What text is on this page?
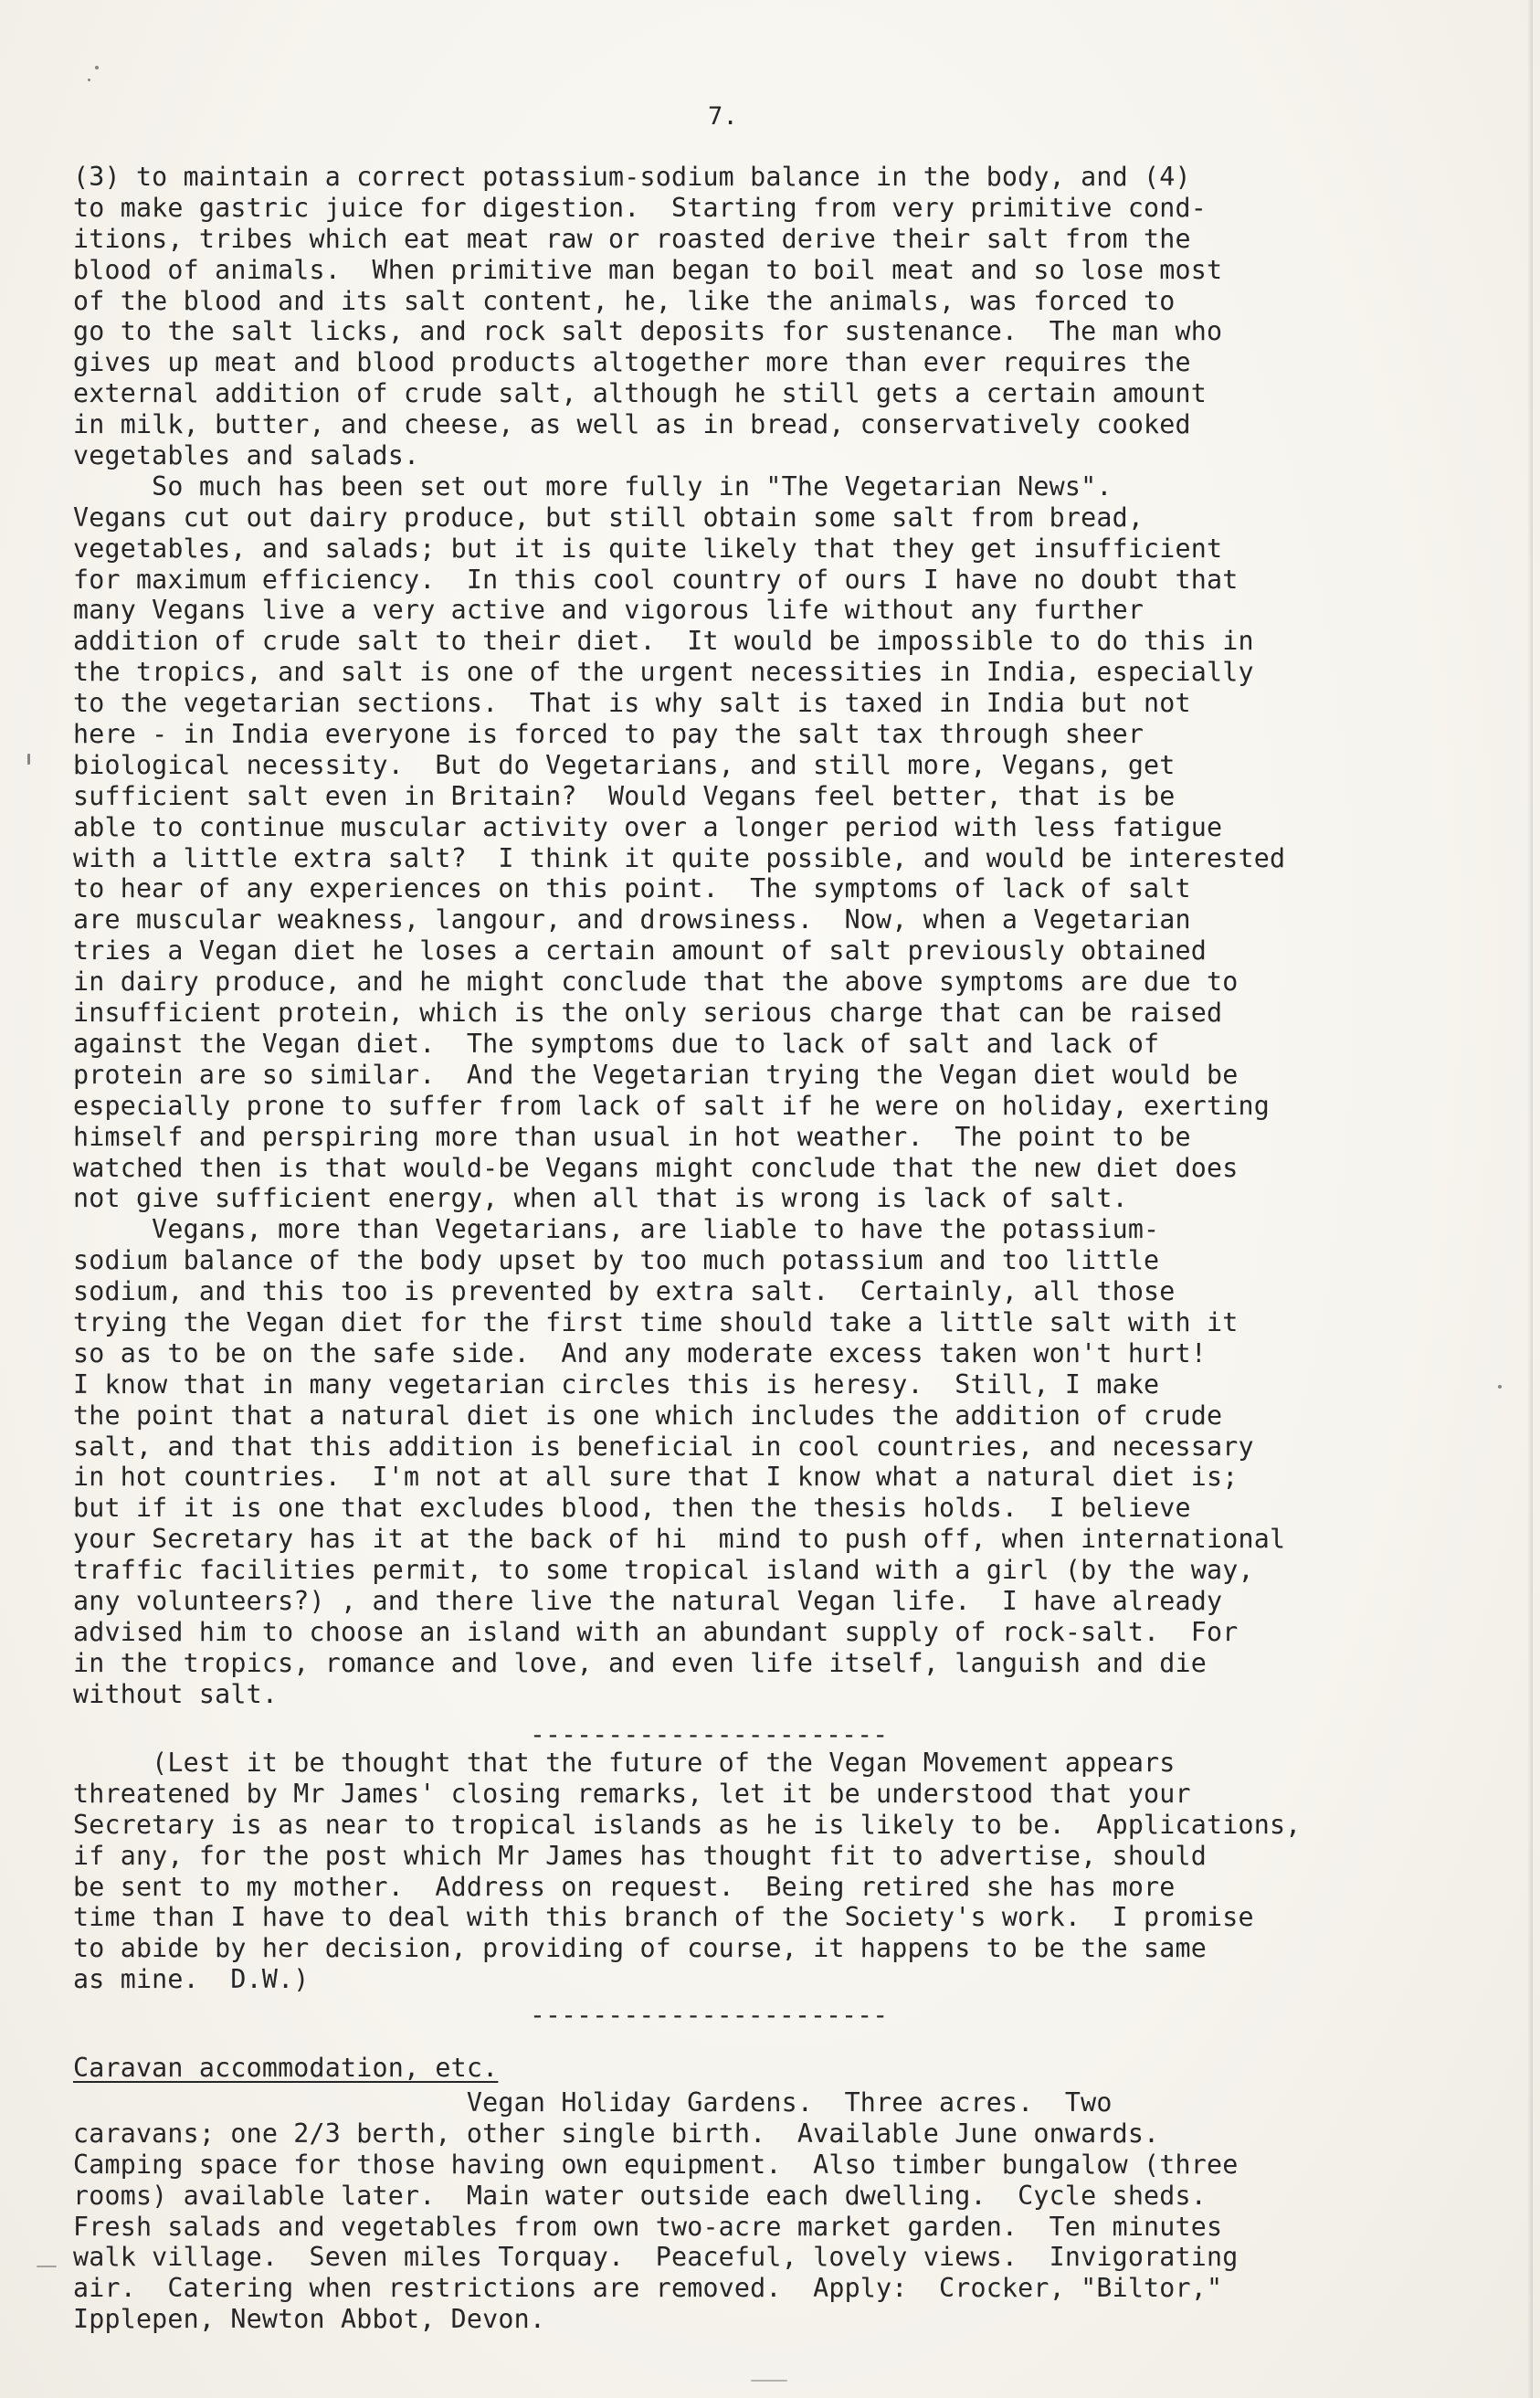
7.
(3) to maintain a correct potassium-sodium balance in the body, and (4)
to make gastric juice for digestion.  Starting from very primitive cond-
itions, tribes which eat meat raw or roasted derive their salt from the
blood of animals.  When primitive man began to boil meat and so lose most
of the blood and its salt content, he, like the animals, was forced to
go to the salt licks, and rock salt deposits for sustenance.  The man who
gives up meat and blood products altogether more than ever requires the
external addition of crude salt, although he still gets a certain amount
in milk, butter, and cheese, as well as in bread, conservatively cooked
vegetables and salads.
So much has been set out more fully in "The Vegetarian News".
Vegans cut out dairy produce, but still obtain some salt from bread,
vegetables, and salads; but it is quite likely that they get insufficient
for maximum efficiency.  In this cool country of ours I have no doubt that
many Vegans live a very active and vigorous life without any further
addition of crude salt to their diet.  It would be impossible to do this in
the tropics, and salt is one of the urgent necessities in India, especially
to the vegetarian sections.  That is why salt is taxed in India but not
here - in India everyone is forced to pay the salt tax through sheer
biological necessity.  But do Vegetarians, and still more, Vegans, get
sufficient salt even in Britain?  Would Vegans feel better, that is be
able to continue muscular activity over a longer period with less fatigue
with a little extra salt?  I think it quite possible, and would be interested
to hear of any experiences on this point.  The symptoms of lack of salt
are muscular weakness, langour, and drowsiness.  Now, when a Vegetarian
tries a Vegan diet he loses a certain amount of salt previously obtained
in dairy produce, and he might conclude that the above symptoms are due to
insufficient protein, which is the only serious charge that can be raised
against the Vegan diet.  The symptoms due to lack of salt and lack of
protein are so similar.  And the Vegetarian trying the Vegan diet would be
especially prone to suffer from lack of salt if he were on holiday, exerting
himself and perspiring more than usual in hot weather.  The point to be
watched then is that would-be Vegans might conclude that the new diet does
not give sufficient energy, when all that is wrong is lack of salt.
Vegans, more than Vegetarians, are liable to have the potassium-
sodium balance of the body upset by too much potassium and too little
sodium, and this too is prevented by extra salt.  Certainly, all those
trying the Vegan diet for the first time should take a little salt with it
so as to be on the safe side.  And any moderate excess taken won't hurt!
I know that in many vegetarian circles this is heresy.  Still, I make
the point that a natural diet is one which includes the addition of crude
salt, and that this addition is beneficial in cool countries, and necessary
in hot countries.  I'm not at all sure that I know what a natural diet is;
but if it is one that excludes blood, then the thesis holds.  I believe
your Secretary has it at the back of hi  mind to push off, when international
traffic facilities permit, to some tropical island with a girl (by the way,
any volunteers?) , and there live the natural Vegan life.  I have already
advised him to choose an island with an abundant supply of rock-salt.  For
in the tropics, romance and love, and even life itself, languish and die
without salt.
-----------------------
(Lest it be thought that the future of the Vegan Movement appears
threatened by Mr James' closing remarks, let it be understood that your
Secretary is as near to tropical islands as he is likely to be.  Applications,
if any, for the post which Mr James has thought fit to advertise, should
be sent to my mother.  Address on request.  Being retired she has more
time than I have to deal with this branch of the Society's work.  I promise
to abide by her decision, providing of course, it happens to be the same
as mine.  D.W.)
-----------------------
Caravan accommodation, etc.
Vegan Holiday Gardens.  Three acres.  Two
caravans; one 2/3 berth, other single birth.  Available June onwards.
Camping space for those having own equipment.  Also timber bungalow (three
rooms) available later.  Main water outside each dwelling.  Cycle sheds.
Fresh salads and vegetables from own two-acre market garden.  Ten minutes
walk village.  Seven miles Torquay.  Peaceful, lovely views.  Invigorating
air.  Catering when restrictions are removed.  Apply:  Crocker, "Biltor,"
Ipplepen, Newton Abbot, Devon.
